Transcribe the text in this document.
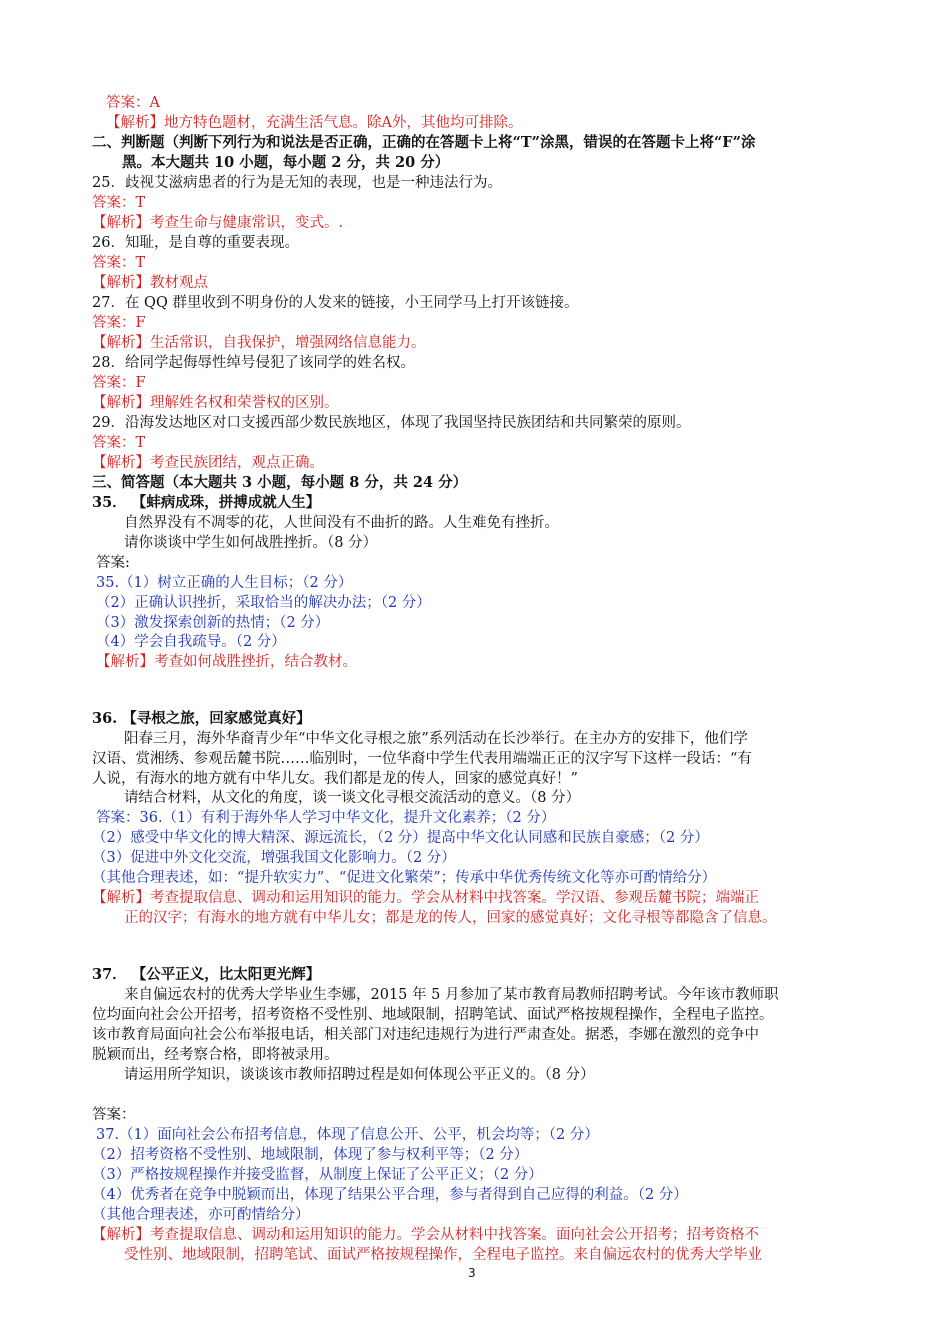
答案：A
【解析】地方特色题材，充满生活气息。除A外，其他均可排除。
二、判断题（判断下列行为和说法是否正确，正确的在答题卡上将“T”涂黑，错误的在答题卡上将“F”涂
黑。本大题共 10 小题，每小题 2 分，共 20 分）
25．歧视艾滋病患者的行为是无知的表现，也是一种违法行为。
答案：T
【解析】考查生命与健康常识，变式。.
26．知耻，是自尊的重要表现。
答案：T
【解析】教材观点
27．在 QQ 群里收到不明身份的人发来的链接，小王同学马上打开该链接。
答案：F
【解析】生活常识，自我保护，增强网络信息能力。
28．给同学起侮辱性绰号侵犯了该同学的姓名权。
答案：F
【解析】理解姓名权和荣誉权的区别。
29．沿海发达地区对口支援西部少数民族地区，体现了我国坚持民族团结和共同繁荣的原则。
答案：T
【解析】考查民族团结，观点正确。
三、简答题（本大题共 3 小题，每小题 8 分，共 24 分）
35． 【蚌病成珠，拼搏成就人生】
自然界没有不凋零的花，人世间没有不曲折的路。人生难免有挫折。
请你谈谈中学生如何战胜挫折。（8 分）
答案:
35.（1）树立正确的人生目标；（2 分）
（2）正确认识挫折，采取恰当的解决办法；（2 分）
（3）激发探索创新的热情；（2 分）
（4）学会自我疏导。（2 分）
【解析】考查如何战胜挫折，结合教材。
36. 【寻根之旅，回家感觉真好】
阳春三月，海外华裔青少年“中华文化寻根之旅”系列活动在长沙举行。在主办方的安排下，他们学
汉语、赏湘绣、参观岳麓书院……临别时，一位华裔中学生代表用端端正正的汉字写下这样一段话：“有
人说，有海水的地方就有中华儿女。我们都是龙的传人，回家的感觉真好！”
请结合材料，从文化的角度，谈一谈文化寻根交流活动的意义。（8 分）
答案：36.（1）有利于海外华人学习中华文化，提升文化素养；（2 分）
（2）感受中华文化的博大精深、源远流长，（2 分）提高中华文化认同感和民族自豪感；（2 分）
（3）促进中外文化交流，增强我国文化影响力。（2 分）
（其他合理表述，如：“提升软实力”、“促进文化繁荣”；传承中华优秀传统文化等亦可酌情给分）
【解析】考查提取信息、调动和运用知识的能力。学会从材料中找答案。学汉语、参观岳麓书院；端端正
正的汉字；有海水的地方就有中华儿女；都是龙的传人，回家的感觉真好；文化寻根等都隐含了信息。
37． 【公平正义，比太阳更光辉】
来自偏远农村的优秀大学毕业生李娜，2015 年 5 月参加了某市教育局教师招聘考试。今年该市教师职
位均面向社会公开招考，招考资格不受性别、地域限制，招聘笔试、面试严格按规程操作，全程电子监控。
该市教育局面向社会公布举报电话，相关部门对违纪违规行为进行严肃查处。据悉，李娜在激烈的竞争中
脱颖而出，经考察合格，即将被录用。
请运用所学知识，谈谈该市教师招聘过程是如何体现公平正义的。（8 分）
答案：
37.（1）面向社会公布招考信息，体现了信息公开、公平，机会均等；（2 分）
（2）招考资格不受性别、地域限制，体现了参与权利平等；（2 分）
（3）严格按规程操作并接受监督，从制度上保证了公平正义；（2 分）
（4）优秀者在竞争中脱颖而出，体现了结果公平合理，参与者得到自己应得的利益。（2 分）
（其他合理表述，亦可酌情给分）
【解析】考查提取信息、调动和运用知识的能力。学会从材料中找答案。面向社会公开招考；招考资格不
受性别、地域限制，招聘笔试、面试严格按规程操作，全程电子监控。来自偏远农村的优秀大学毕业
3
